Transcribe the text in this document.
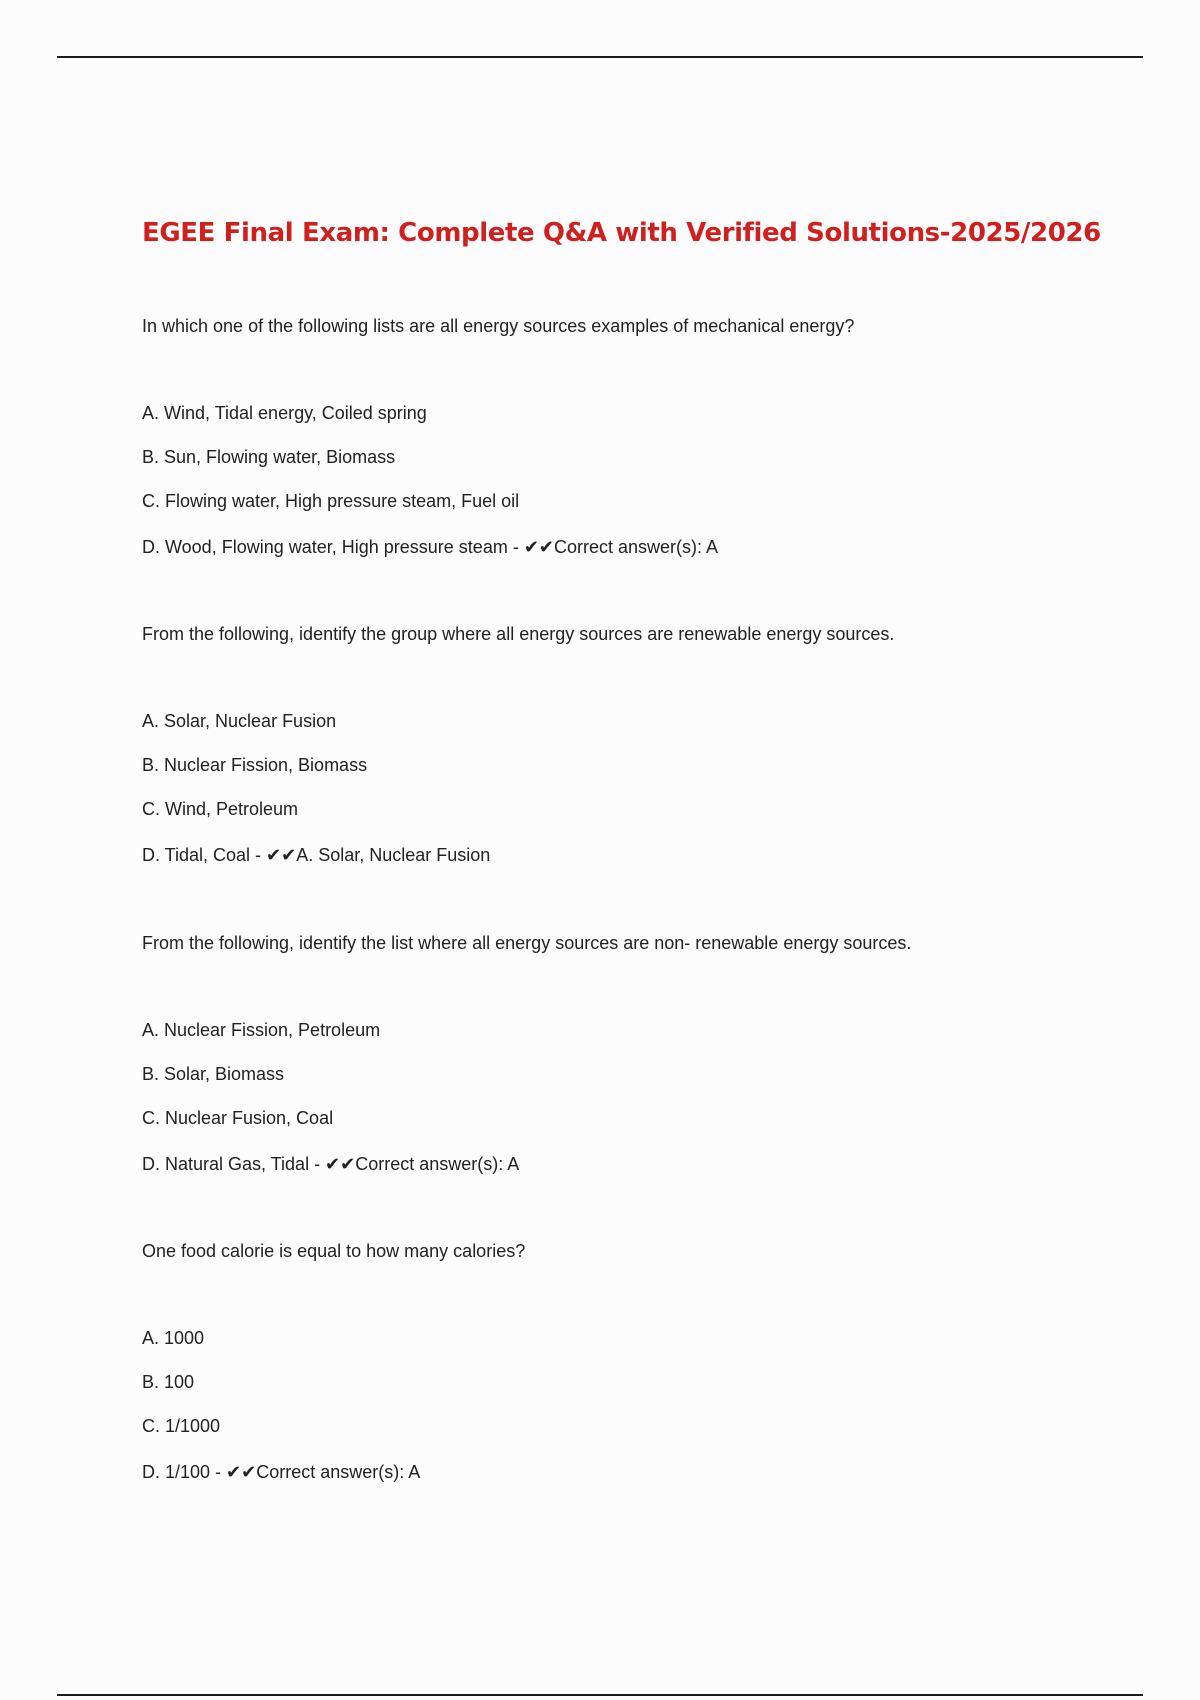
EGEE Final Exam: Complete Q&A with Verified Solutions-2025/2026

In which one of the following lists are all energy sources examples of mechanical energy?

A. Wind, Tidal energy, Coiled spring

B. Sun, Flowing water, Biomass

C. Flowing water, High pressure steam, Fuel oil

D. Wood, Flowing water, High pressure steam - ✔✔Correct answer(s): A

From the following, identify the group where all energy sources are renewable energy sources.

A. Solar, Nuclear Fusion

B. Nuclear Fission, Biomass

C. Wind, Petroleum

D. Tidal, Coal - ✔✔A. Solar, Nuclear Fusion

From the following, identify the list where all energy sources are non- renewable energy sources.

A. Nuclear Fission, Petroleum

B. Solar, Biomass

C. Nuclear Fusion, Coal

D. Natural Gas, Tidal - ✔✔Correct answer(s): A

One food calorie is equal to how many calories?

A. 1000

B. 100

C. 1/1000

D. 1/100 - ✔✔Correct answer(s): A
